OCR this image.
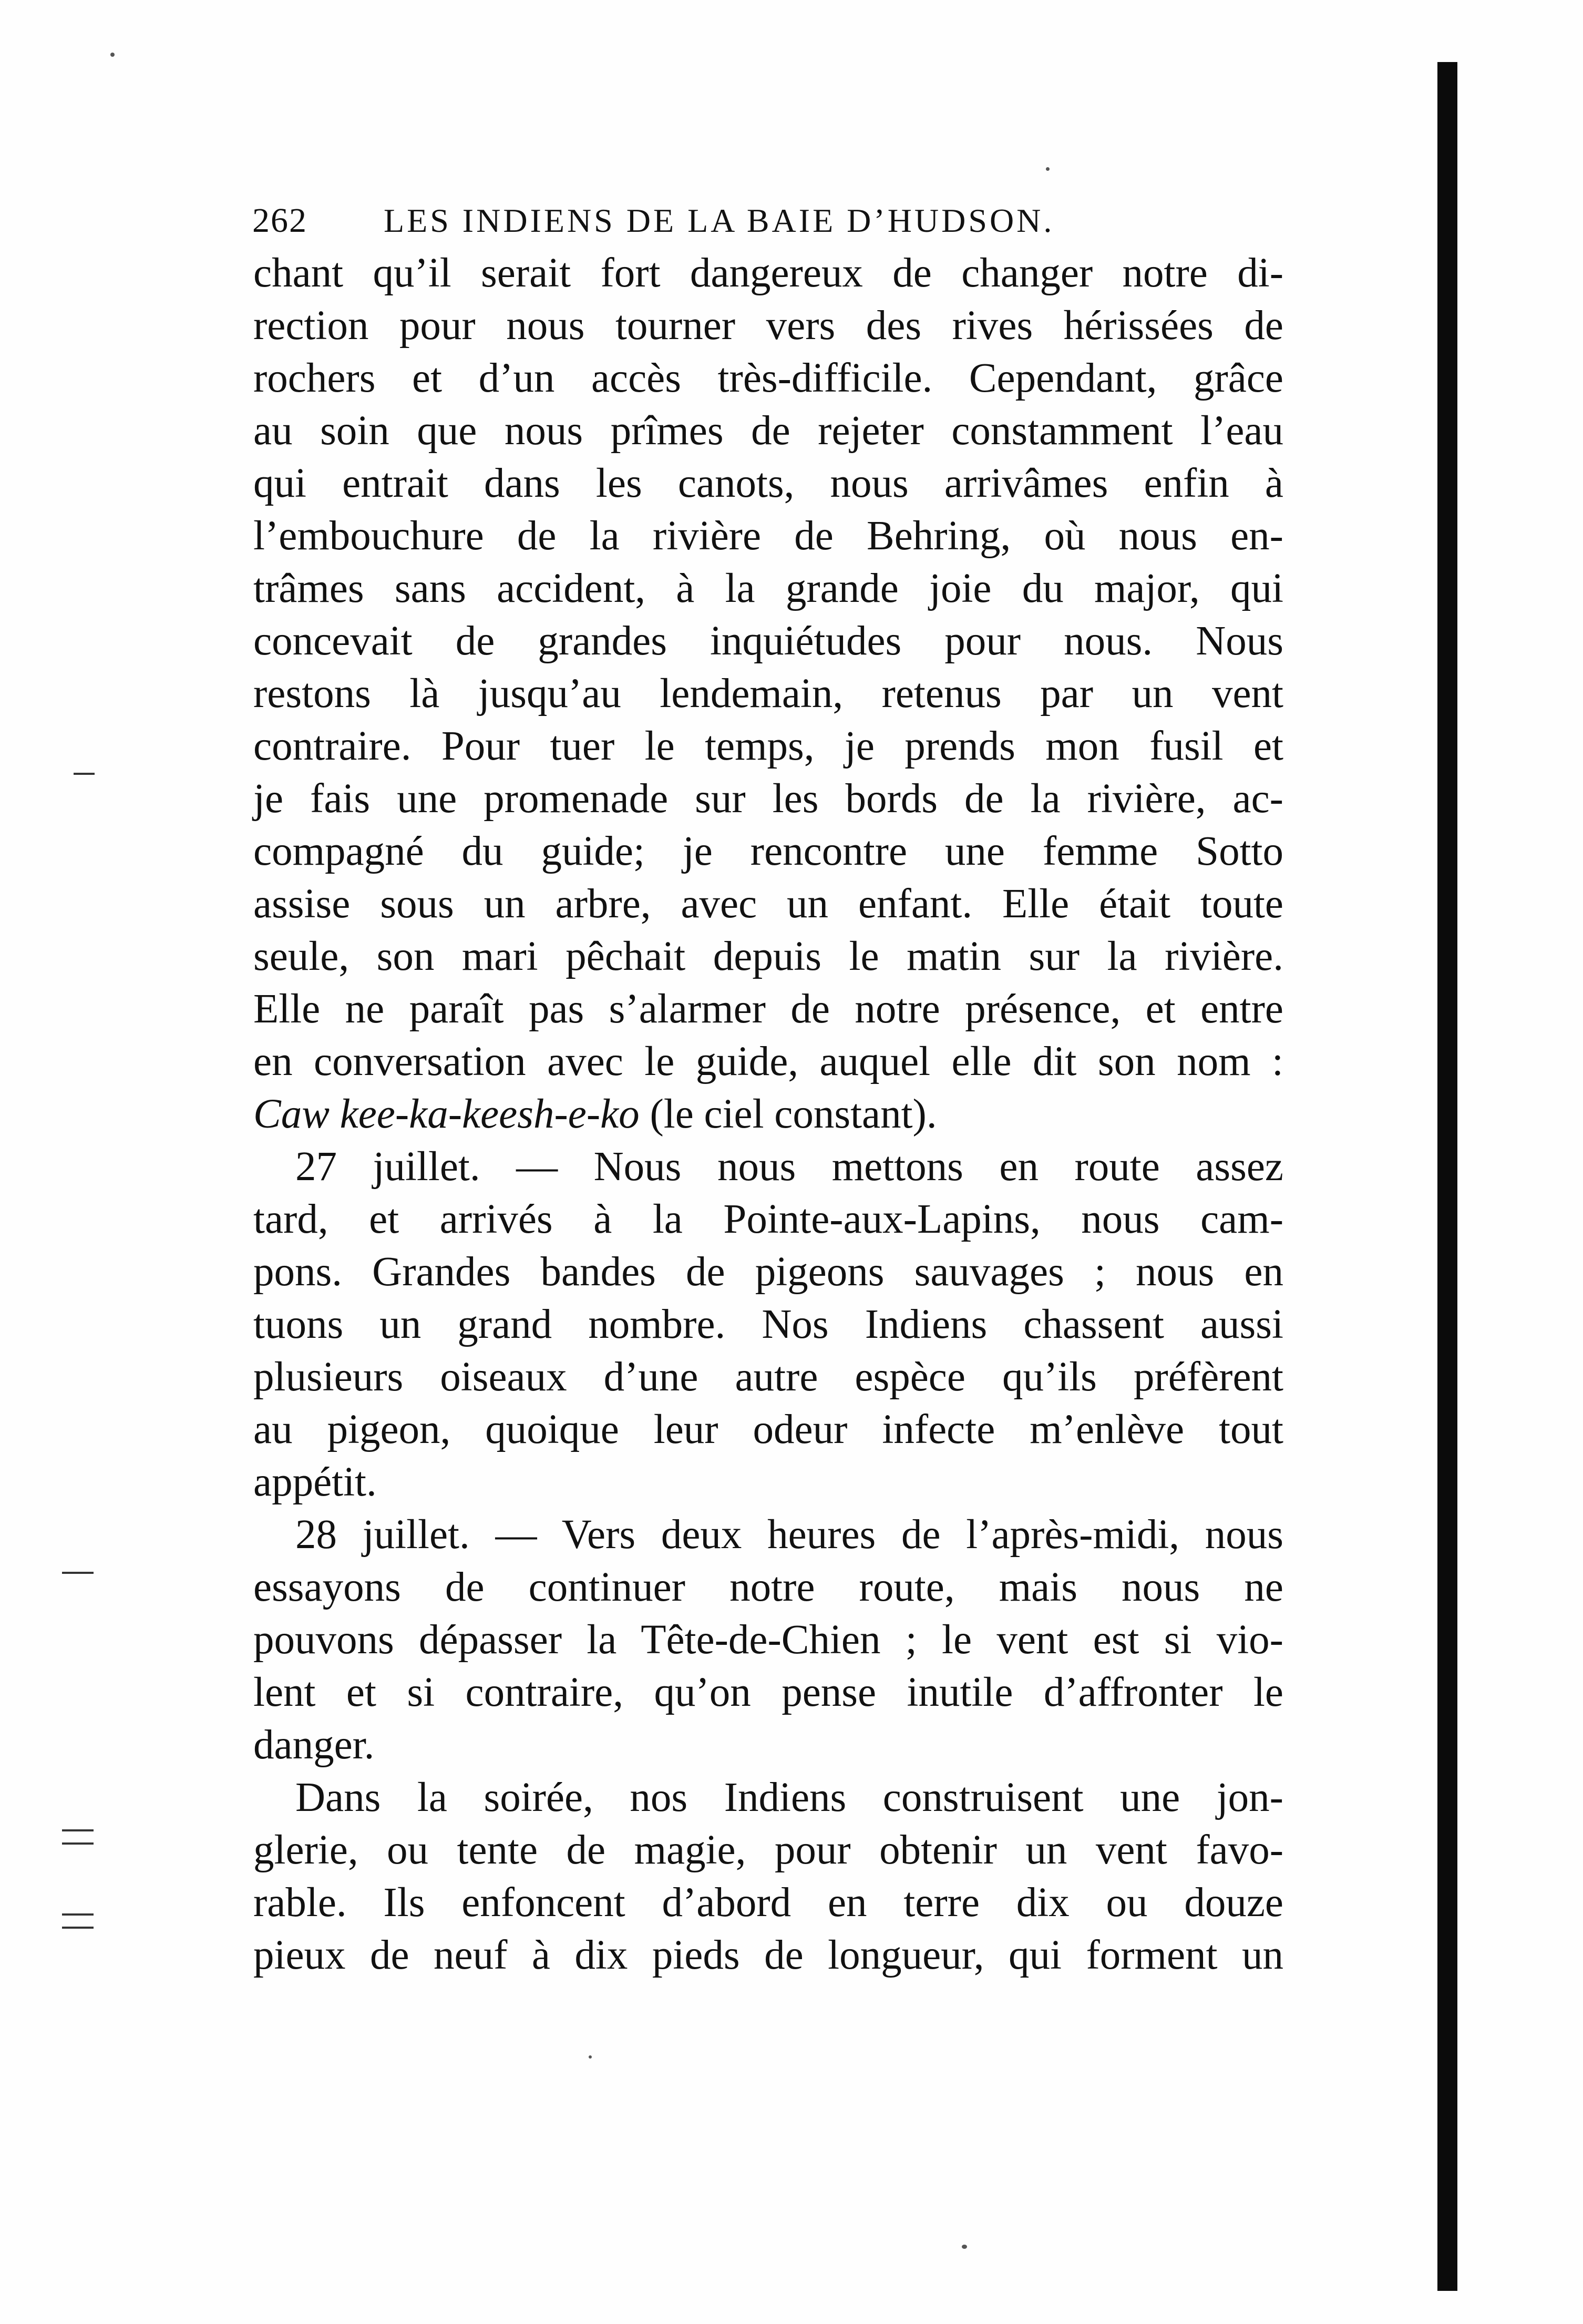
262 LES INDIENS DE LA BAIE D’HUDSON.
chant qu’il serait fort dangereux de changer notre di-
rection pour nous tourner vers des rives hérissées de
rochers et d’un accès très-difficile. Cependant, grâce
au soin que nous prîmes de rejeter constamment l’eau
qui entrait dans les canots, nous arrivâmes enfin à
l’embouchure de la rivière de Behring, où nous en-
trâmes sans accident, à la grande joie du major, qui
concevait de grandes inquiétudes pour nous. Nous
restons là jusqu’au lendemain, retenus par un vent
contraire. Pour tuer le temps, je prends mon fusil et
je fais une promenade sur les bords de la rivière, ac-
compagné du guide; je rencontre une femme Sotto
assise sous un arbre, avec un enfant. Elle était toute
seule, son mari pêchait depuis le matin sur la rivière.
Elle ne paraît pas s’alarmer de notre présence, et entre
en conversation avec le guide, auquel elle dit son nom :
Caw kee-ka-keesh-e-ko (le ciel constant).
27 juillet. — Nous nous mettons en route assez
tard, et arrivés à la Pointe-aux-Lapins, nous cam-
pons. Grandes bandes de pigeons sauvages ; nous en
tuons un grand nombre. Nos Indiens chassent aussi
plusieurs oiseaux d’une autre espèce qu’ils préfèrent
au pigeon, quoique leur odeur infecte m’enlève tout
appétit.
28 juillet. — Vers deux heures de l’après-midi, nous
essayons de continuer notre route, mais nous ne
pouvons dépasser la Tête-de-Chien ; le vent est si vio-
lent et si contraire, qu’on pense inutile d’affronter le
danger.
Dans la soirée, nos Indiens construisent une jon-
glerie, ou tente de magie, pour obtenir un vent favo-
rable. Ils enfoncent d’abord en terre dix ou douze
pieux de neuf à dix pieds de longueur, qui forment un
